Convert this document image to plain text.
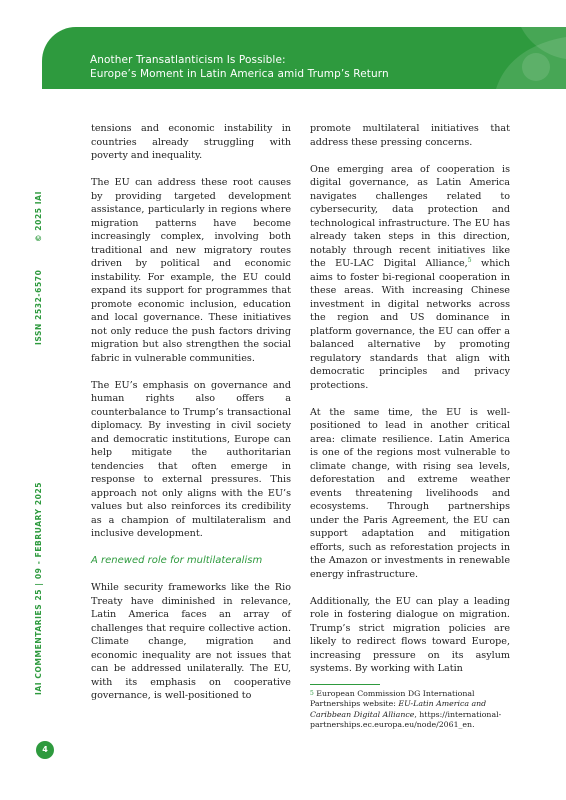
Another Transatlanticism Is Possible:
Europe’s Moment in Latin America amid Trump’s Return
© 2025 IAI
ISSN 2532-6570
IAI COMMENTARIES 25 | 09 - FEBRUARY 2025

tensions and economic instability in countries already struggling with poverty and inequality.

The EU can address these root causes by providing targeted development assistance, particularly in regions where migration patterns have become increasingly complex, involving both traditional and new migratory routes driven by political and economic instability. For example, the EU could expand its support for programmes that promote economic inclusion, education and local governance. These initiatives not only reduce the push factors driving migration but also strengthen the social fabric in vulnerable communities.

The EU’s emphasis on governance and human rights also offers a counterbalance to Trump’s transactional diplomacy. By investing in civil society and democratic institutions, Europe can help mitigate the authoritarian tendencies that often emerge in response to external pressures. This approach not only aligns with the EU’s values but also reinforces its credibility as a champion of multilateralism and inclusive development.

A renewed role for multilateralism

While security frameworks like the Rio Treaty have diminished in relevance, Latin America faces an array of challenges that require collective action. Climate change, migration and economic inequality are not issues that can be addressed unilaterally. The EU, with its emphasis on cooperative governance, is well-positioned to

promote multilateral initiatives that address these pressing concerns.

One emerging area of cooperation is digital governance, as Latin America navigates challenges related to cybersecurity, data protection and technological infrastructure. The EU has already taken steps in this direction, notably through recent initiatives like the EU-LAC Digital Alliance,$^5$ which aims to foster bi-regional cooperation in these areas. With increasing Chinese investment in digital networks across the region and US dominance in platform governance, the EU can offer a balanced alternative by promoting regulatory standards that align with democratic principles and privacy protections.

At the same time, the EU is well-positioned to lead in another critical area: climate resilience. Latin America is one of the regions most vulnerable to climate change, with rising sea levels, deforestation and extreme weather events threatening livelihoods and ecosystems. Through partnerships under the Paris Agreement, the EU can support adaptation and mitigation efforts, such as reforestation projects in the Amazon or investments in renewable energy infrastructure.

Additionally, the EU can play a leading role in fostering dialogue on migration. Trump’s strict migration policies are likely to redirect flows toward Europe, increasing pressure on its asylum systems. By working with Latin

$^5$ European Commission DG International Partnerships website: EU-Latin America and Caribbean Digital Alliance, https://international-partnerships.ec.europa.eu/node/2061_en.

4
